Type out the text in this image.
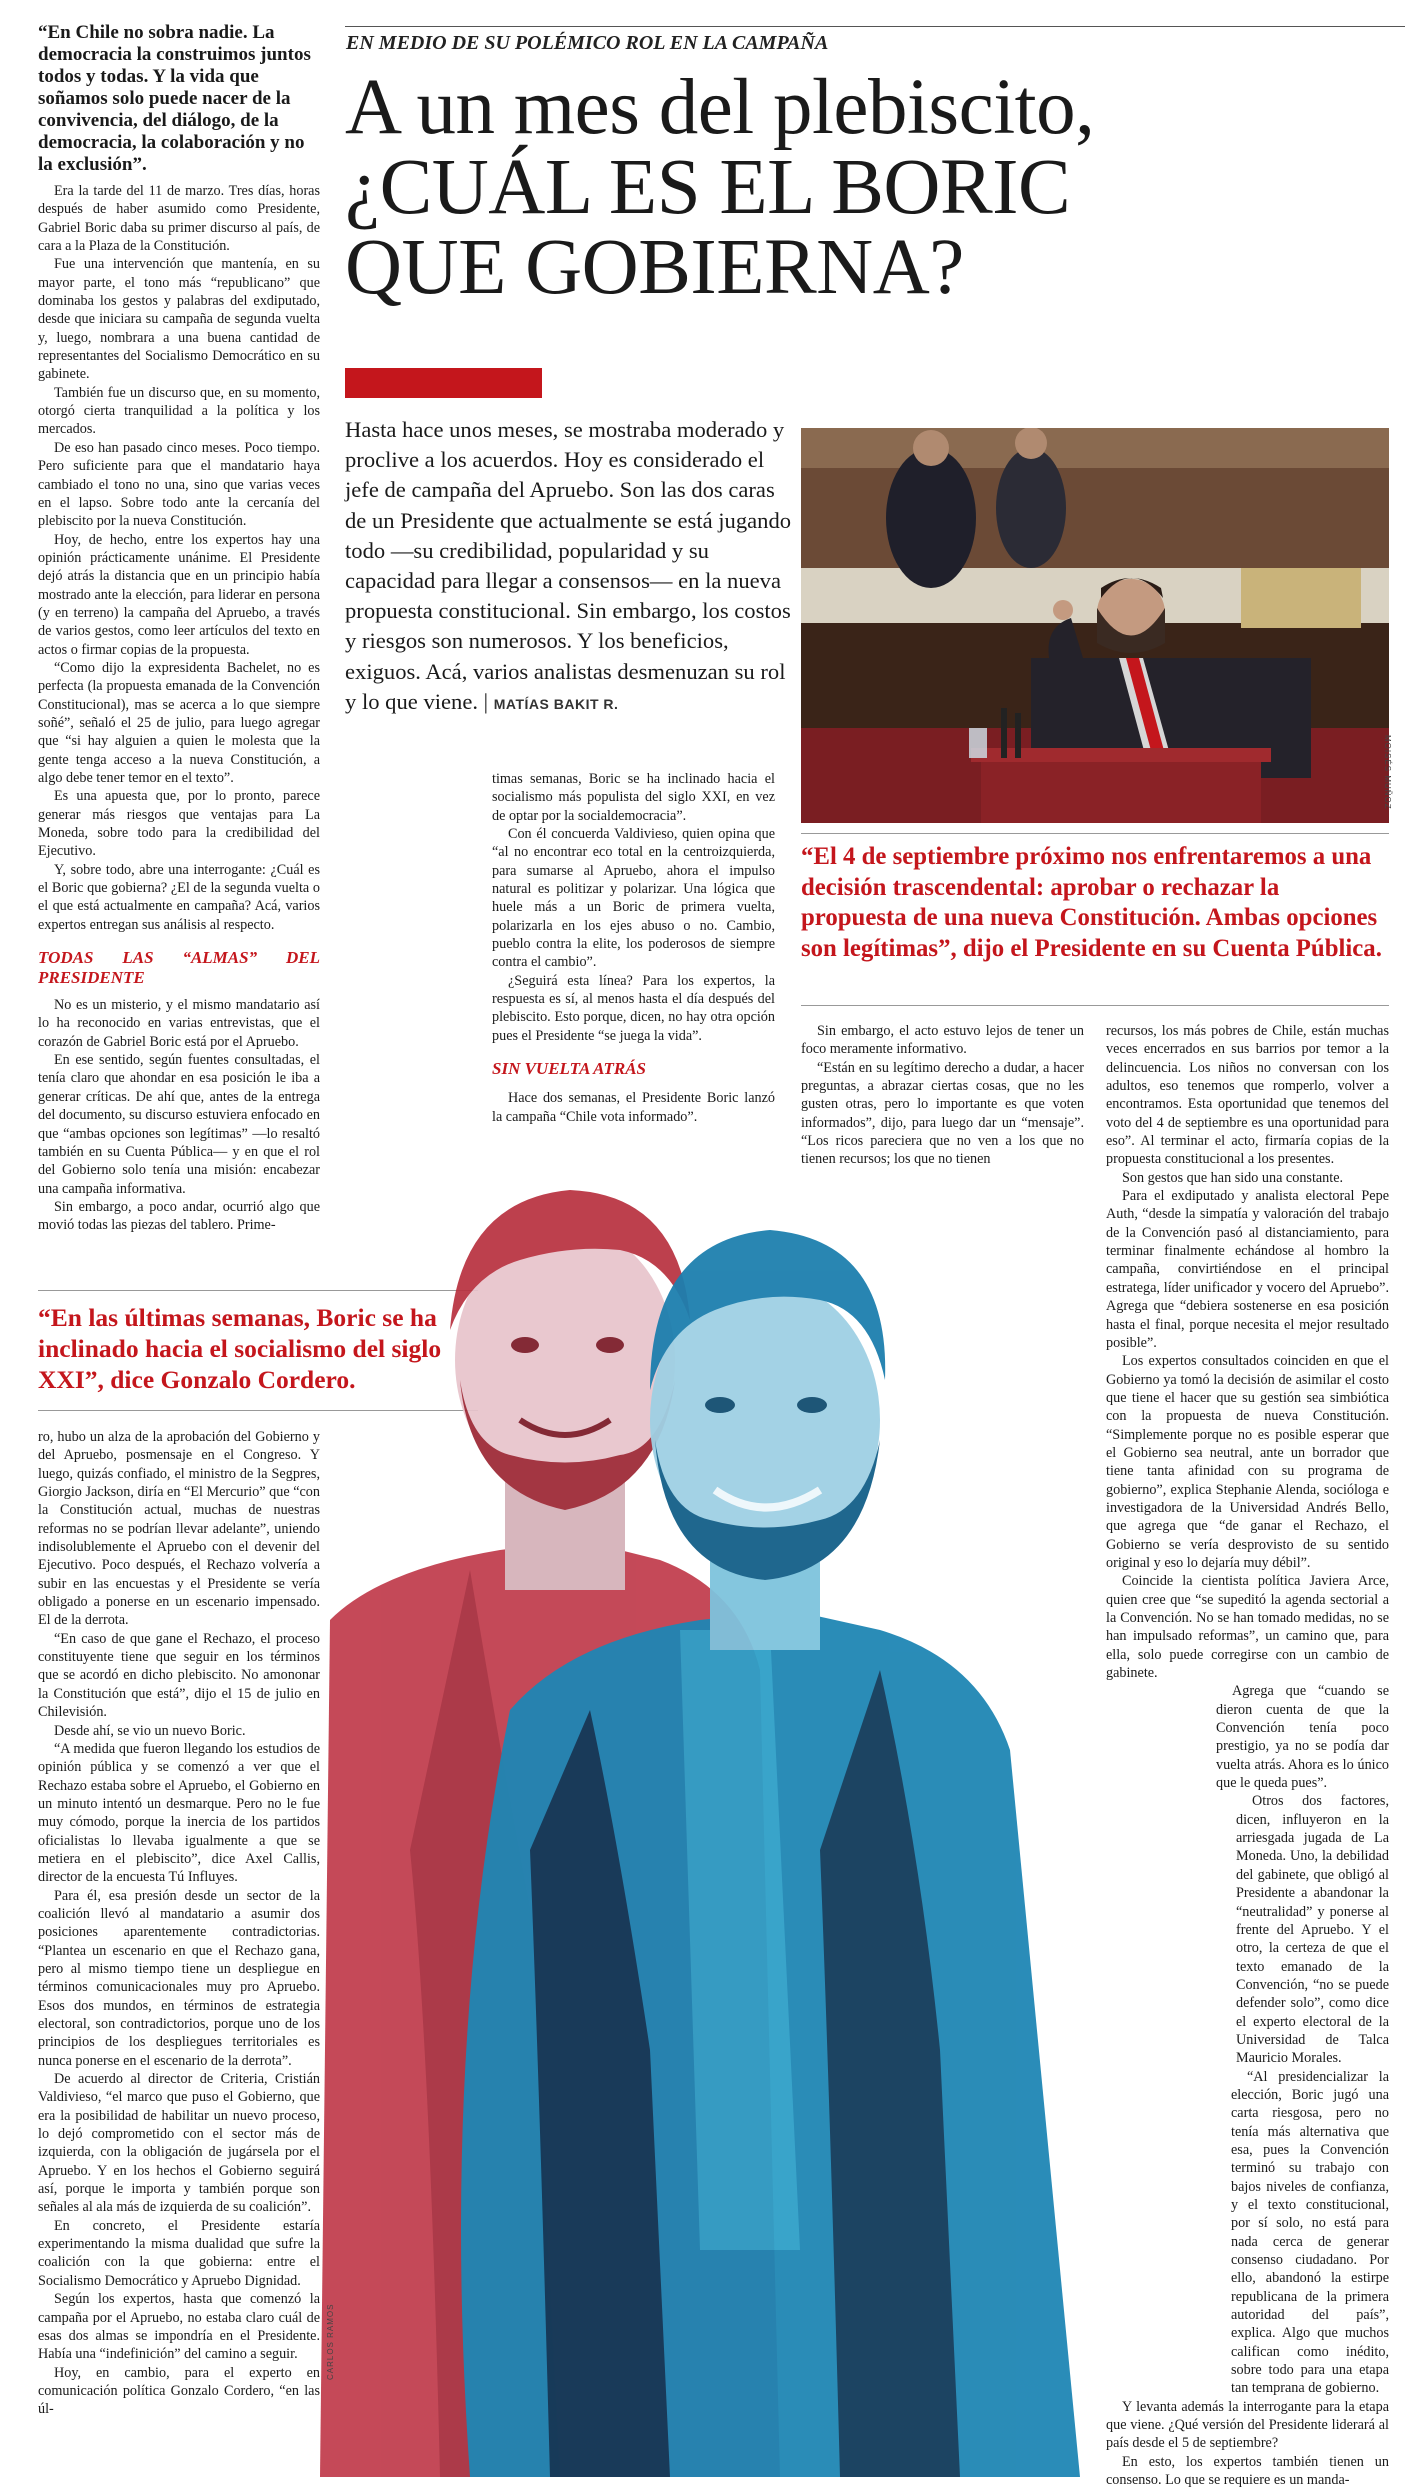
EN MEDIO DE SU POLÉMICO ROL EN LA CAMPAÑA
A un mes del plebiscito,
¿CUÁL ES EL BORIC
QUE GOBIERNA?
Hasta hace unos meses, se mostraba moderado y proclive a los acuerdos. Hoy es considerado el jefe de campaña del Apruebo. Son las dos caras de un Presidente que actualmente se está jugando todo —su credibilidad, popularidad y su capacidad para llegar a consensos— en la nueva propuesta constitucional. Sin embargo, los costos y riesgos son numerosos. Y los beneficios, exiguos. Acá, varios analistas desmenuzan su rol y lo que viene. | MATÍAS BAKIT R.
“En Chile no sobra nadie. La democracia la construimos juntos todos y todas. Y la vida que soñamos solo puede nacer de la convivencia, del diálogo, de la democracia, la colaboración y no la exclusión”.

Era la tarde del 11 de marzo. Tres días, horas después de haber asumido como Presidente, Gabriel Boric daba su primer discurso al país, de cara a la Plaza de la Constitución.

Fue una intervención que mantenía, en su mayor parte, el tono más “republicano” que dominaba los gestos y palabras del exdiputado, desde que iniciara su campaña de segunda vuelta y, luego, nombrara a una buena cantidad de representantes del Socialismo Democrático en su gabinete.

También fue un discurso que, en su momento, otorgó cierta tranquilidad a la política y los mercados.

De eso han pasado cinco meses. Poco tiempo. Pero suficiente para que el mandatario haya cambiado el tono no una, sino que varias veces en el lapso. Sobre todo ante la cercanía del plebiscito por la nueva Constitución.

Hoy, de hecho, entre los expertos hay una opinión prácticamente unánime. El Presidente dejó atrás la distancia que en un principio había mostrado ante la elección, para liderar en persona (y en terreno) la campaña del Apruebo, a través de varios gestos, como leer artículos del texto en actos o firmar copias de la propuesta.

“Como dijo la expresidenta Bachelet, no es perfecta (la propuesta emanada de la Convención Constitucional), mas se acerca a lo que siempre soñé”, señaló el 25 de julio, para luego agregar que “si hay alguien a quien le molesta que la gente tenga acceso a la nueva Constitución, a algo debe tener temor en el texto”.

Es una apuesta que, por lo pronto, parece generar más riesgos que ventajas para La Moneda, sobre todo para la credibilidad del Ejecutivo.

Y, sobre todo, abre una interrogante: ¿Cuál es el Boric que gobierna? ¿El de la segunda vuelta o el que está actualmente en campaña? Acá, varios expertos entregan sus análisis al respecto.

TODAS LAS “ALMAS” DEL PRESIDENTE

No es un misterio, y el mismo mandatario así lo ha reconocido en varias entrevistas, que el corazón de Gabriel Boric está por el Apruebo.

En ese sentido, según fuentes consultadas, el tenía claro que ahondar en esa posición le iba a generar críticas. De ahí que, antes de la entrega del documento, su discurso estuviera enfocado en que “ambas opciones son legítimas” —lo resaltó también en su Cuenta Pública— y en que el rol del Gobierno solo tenía una misión: encabezar una campaña informativa.

Sin embargo, a poco andar, ocurrió algo que movió todas las piezas del tablero. Prime-

timas semanas, Boric se ha inclinado hacia el socialismo más populista del siglo XXI, en vez de optar por la socialdemocracia”.

Con él concuerda Valdivieso, quien opina que “al no encontrar eco total en la centroizquierda, para sumarse al Apruebo, ahora el impulso natural es politizar y polarizar. Una lógica que huele más a un Boric de primera vuelta, polarizarla en los ejes abuso o no. Cambio, pueblo contra la elite, los poderosos de siempre contra el cambio”.

¿Seguirá esta línea? Para los expertos, la respuesta es sí, al menos hasta el día después del plebiscito. Esto porque, dicen, no hay otra opción pues el Presidente “se juega la vida”.

SIN VUELTA ATRÁS

Hace dos semanas, el Presidente Boric lanzó la campaña “Chile vota informado”.

MOISÉS MUÑOZ
“El 4 de septiembre próximo nos enfrentaremos a una decisión trascendental: aprobar o rechazar la propuesta de una nueva Constitución. Ambas opciones son legítimas”, dijo el Presidente en su Cuenta Pública.

Sin embargo, el acto estuvo lejos de tener un foco meramente informativo.

“Están en su legítimo derecho a dudar, a hacer preguntas, a abrazar ciertas cosas, que no les gusten otras, pero lo importante es que voten informados”, dijo, para luego dar un “mensaje”. “Los ricos pareciera que no ven a los que no tienen recursos; los que no tienen

recursos, los más pobres de Chile, están muchas veces encerrados en sus barrios por temor a la delincuencia. Los niños no conversan con los adultos, eso tenemos que romperlo, volver a encontramos. Esta oportunidad que tenemos del voto del 4 de septiembre es una oportunidad para eso”. Al terminar el acto, firmaría copias de la propuesta constitucional a los presentes.

Son gestos que han sido una constante.

Para el exdiputado y analista electoral Pepe Auth, “desde la simpatía y valoración del trabajo de la Convención pasó al distanciamiento, para terminar finalmente echándose al hombro la campaña, convirtiéndose en el principal estratega, líder unificador y vocero del Apruebo”. Agrega que “debiera sostenerse en esa posición hasta el final, porque necesita el mejor resultado posible”.

Los expertos consultados coinciden en que el Gobierno ya tomó la decisión de asimilar el costo que tiene el hacer que su gestión sea simbiótica con la propuesta de nueva Constitución. “Simplemente porque no es posible esperar que el Gobierno sea neutral, ante un borrador que tiene tanta afinidad con su programa de gobierno”, explica Stephanie Alenda, socióloga e investigadora de la Universidad Andrés Bello, que agrega que “de ganar el Rechazo, el Gobierno se vería desprovisto de su sentido original y eso lo dejaría muy débil”.

Coincide la cientista política Javiera Arce, quien cree que “se supeditó la agenda sectorial a la Convención. No se han tomado medidas, no se han impulsado reformas”, un camino que, para ella, solo puede corregirse con un cambio de gabinete.

Agrega que “cuando se dieron cuenta de que la Convención tenía poco prestigio, ya no se podía dar vuelta atrás. Ahora es lo único que le queda pues”.

Otros dos factores, dicen, influyeron en la arriesgada jugada de La Moneda. Uno, la debilidad del gabinete, que obligó al Presidente a abandonar la “neutralidad” y ponerse al frente del Apruebo. Y el otro, la certeza de que el texto emanado de la Convención, “no se puede defender solo”, como dice el experto electoral de la Universidad de Talca Mauricio Morales.

“Al presidencializar la elección, Boric jugó una carta riesgosa, pero no tenía más alternativa que esa, pues la Convención terminó su trabajo con bajos niveles de confianza, y el texto constitucional, por sí solo, no está para nada cerca de generar consenso ciudadano. Por ello, abandonó la estirpe republicana de la primera autoridad del país”, explica. Algo que muchos califican como inédito, sobre todo para una etapa tan temprana de gobierno.

Y levanta además la interrogante para la etapa que viene. ¿Qué versión del Presidente liderará al país desde el 5 de septiembre?

En esto, los expertos también tienen un consenso. Lo que se requiere es un manda-

“En las últimas semanas, Boric se ha inclinado hacia el socialismo del siglo XXI”, dice Gonzalo Cordero.

ro, hubo un alza de la aprobación del Gobierno y del Apruebo, posmensaje en el Congreso. Y luego, quizás confiado, el ministro de la Segpres, Giorgio Jackson, diría en “El Mercurio” que “con la Constitución actual, muchas de nuestras reformas no se podrían llevar adelante”, uniendo indisolublemente el Apruebo con el devenir del Ejecutivo. Poco después, el Rechazo volvería a subir en las encuestas y el Presidente se vería obligado a ponerse en un escenario impensado. El de la derrota.

“En caso de que gane el Rechazo, el proceso constituyente tiene que seguir en los términos que se acordó en dicho plebiscito. No amononar la Constitución que está”, dijo el 15 de julio en Chilevisión.

Desde ahí, se vio un nuevo Boric.

“A medida que fueron llegando los estudios de opinión pública y se comenzó a ver que el Rechazo estaba sobre el Apruebo, el Gobierno en un minuto intentó un desmarque. Pero no le fue muy cómodo, porque la inercia de los partidos oficialistas lo llevaba igualmente a que se metiera en el plebiscito”, dice Axel Callis, director de la encuesta Tú Influyes.

Para él, esa presión desde un sector de la coalición llevó al mandatario a asumir dos posiciones aparentemente contradictorias. “Plantea un escenario en que el Rechazo gana, pero al mismo tiempo tiene un despliegue en términos comunicacionales muy pro Apruebo. Esos dos mundos, en términos de estrategia electoral, son contradictorios, porque uno de los principios de los despliegues territoriales es nunca ponerse en el escenario de la derrota”.

De acuerdo al director de Criteria, Cristián Valdivieso, “el marco que puso el Gobierno, que era la posibilidad de habilitar un nuevo proceso, lo dejó comprometido con el sector más de izquierda, con la obligación de jugársela por el Apruebo. Y en los hechos el Gobierno seguirá así, porque le importa y también porque son señales al ala más de izquierda de su coalición”.

En concreto, el Presidente estaría experimentando la misma dualidad que sufre la coalición con la que gobierna: entre el Socialismo Democrático y Apruebo Dignidad.

Según los expertos, hasta que comenzó la campaña por el Apruebo, no estaba claro cuál de esas dos almas se impondría en el Presidente. Había una “indefinición” del camino a seguir.

Hoy, en cambio, para el experto en comunicación política Gonzalo Cordero, “en las úl-

CARLOS RAMOS
